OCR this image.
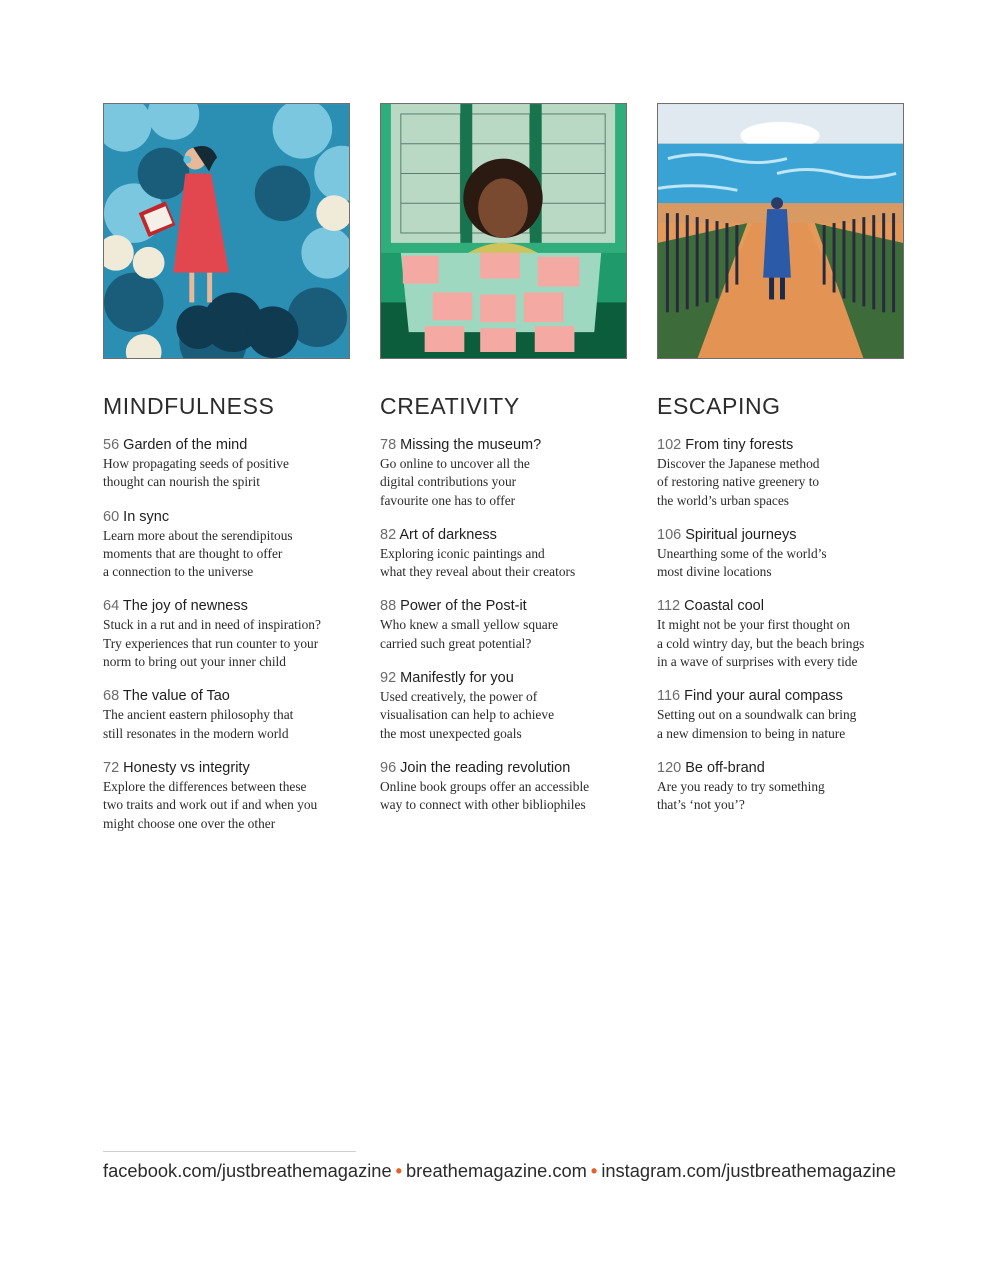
MINDFULNESS
56 Garden of the mind
How propagating seeds of positive
thought can nourish the spirit
60 In sync
Learn more about the serendipitous
moments that are thought to offer
a connection to the universe
64 The joy of newness
Stuck in a rut and in need of inspiration?
Try experiences that run counter to your
norm to bring out your inner child
68 The value of Tao
The ancient eastern philosophy that
still resonates in the modern world
72 Honesty vs integrity
Explore the differences between these
two traits and work out if and when you
might choose one over the other
CREATIVITY
78 Missing the museum?
Go online to uncover all the
digital contributions your
favourite one has to offer
82 Art of darkness
Exploring iconic paintings and
what they reveal about their creators
88 Power of the Post-it
Who knew a small yellow square
carried such great potential?
92 Manifestly for you
Used creatively, the power of
visualisation can help to achieve
the most unexpected goals
96 Join the reading revolution
Online book groups offer an accessible
way to connect with other bibliophiles
ESCAPING
102 From tiny forests
Discover the Japanese method
of restoring native greenery to
the world’s urban spaces
106 Spiritual journeys
Unearthing some of the world’s
most divine locations
112 Coastal cool
It might not be your first thought on
a cold wintry day, but the beach brings
in a wave of surprises with every tide
116 Find your aural compass
Setting out on a soundwalk can bring
a new dimension to being in nature
120 Be off-brand
Are you ready to try something
that’s ‘not you’?
facebook.com/justbreathemagazine • breathemagazine.com • instagram.com/justbreathemagazine
